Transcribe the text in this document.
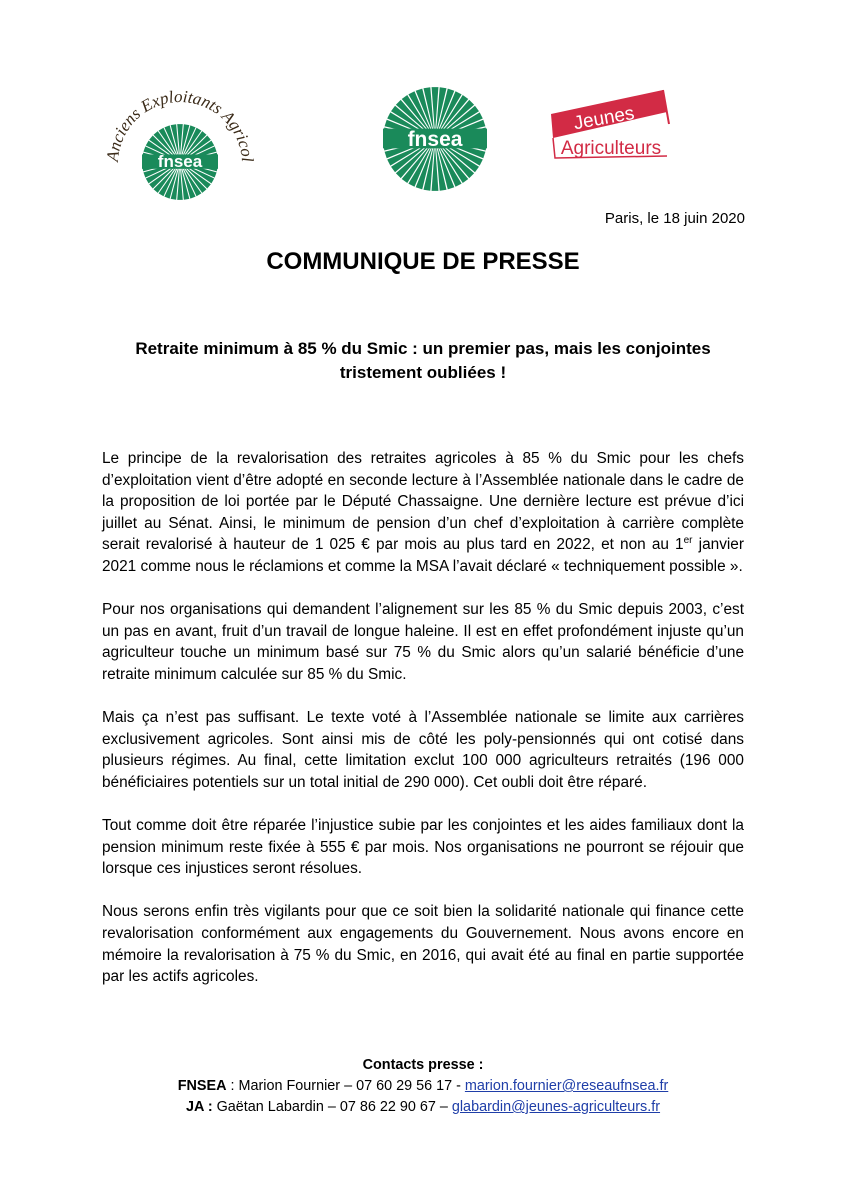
Anciens Exploitants Agricol
fnsea
fnsea
Jeunes
Agriculteurs
Paris, le 18 juin 2020
COMMUNIQUE DE PRESSE
Retraite minimum à 85 % du Smic : un premier pas, mais les conjointes tristement oubliées !

Le principe de la revalorisation des retraites agricoles à 85 % du Smic pour les chefs d’exploitation vient d’être adopté en seconde lecture à l’Assemblée nationale dans le cadre de la proposition de loi portée par le Député Chassaigne. Une dernière lecture est prévue d’ici juillet au Sénat. Ainsi, le minimum de pension d’un chef d’exploitation à carrière complète serait revalorisé à hauteur de 1 025 € par mois au plus tard en 2022, et non au 1er janvier 2021 comme nous le réclamions et comme la MSA l’avait déclaré « techniquement possible ».

Pour nos organisations qui demandent l’alignement sur les 85 % du Smic depuis 2003, c’est un pas en avant, fruit d’un travail de longue haleine. Il est en effet profondément injuste qu’un agriculteur touche un minimum basé sur 75 % du Smic alors qu’un salarié bénéficie d’une retraite minimum calculée sur 85 % du Smic.

Mais ça n’est pas suffisant. Le texte voté à l’Assemblée nationale se limite aux carrières exclusivement agricoles. Sont ainsi mis de côté les poly-pensionnés qui ont cotisé dans plusieurs régimes. Au final, cette limitation exclut 100 000 agriculteurs retraités (196 000 bénéficiaires potentiels sur un total initial de 290 000). Cet oubli doit être réparé.

Tout comme doit être réparée l’injustice subie par les conjointes et les aides familiaux dont la pension minimum reste fixée à 555 € par mois. Nos organisations ne pourront se réjouir que lorsque ces injustices seront résolues.

Nous serons enfin très vigilants pour que ce soit bien la solidarité nationale qui finance cette revalorisation conformément aux engagements du Gouvernement. Nous avons encore en mémoire la revalorisation à 75 % du Smic, en 2016, qui avait été au final en partie supportée par les actifs agricoles.

Contacts presse :
FNSEA : Marion Fournier – 07 60 29 56 17 - marion.fournier@reseaufnsea.fr
JA : Gaëtan Labardin – 07 86 22 90 67 – glabardin@jeunes-agriculteurs.fr
